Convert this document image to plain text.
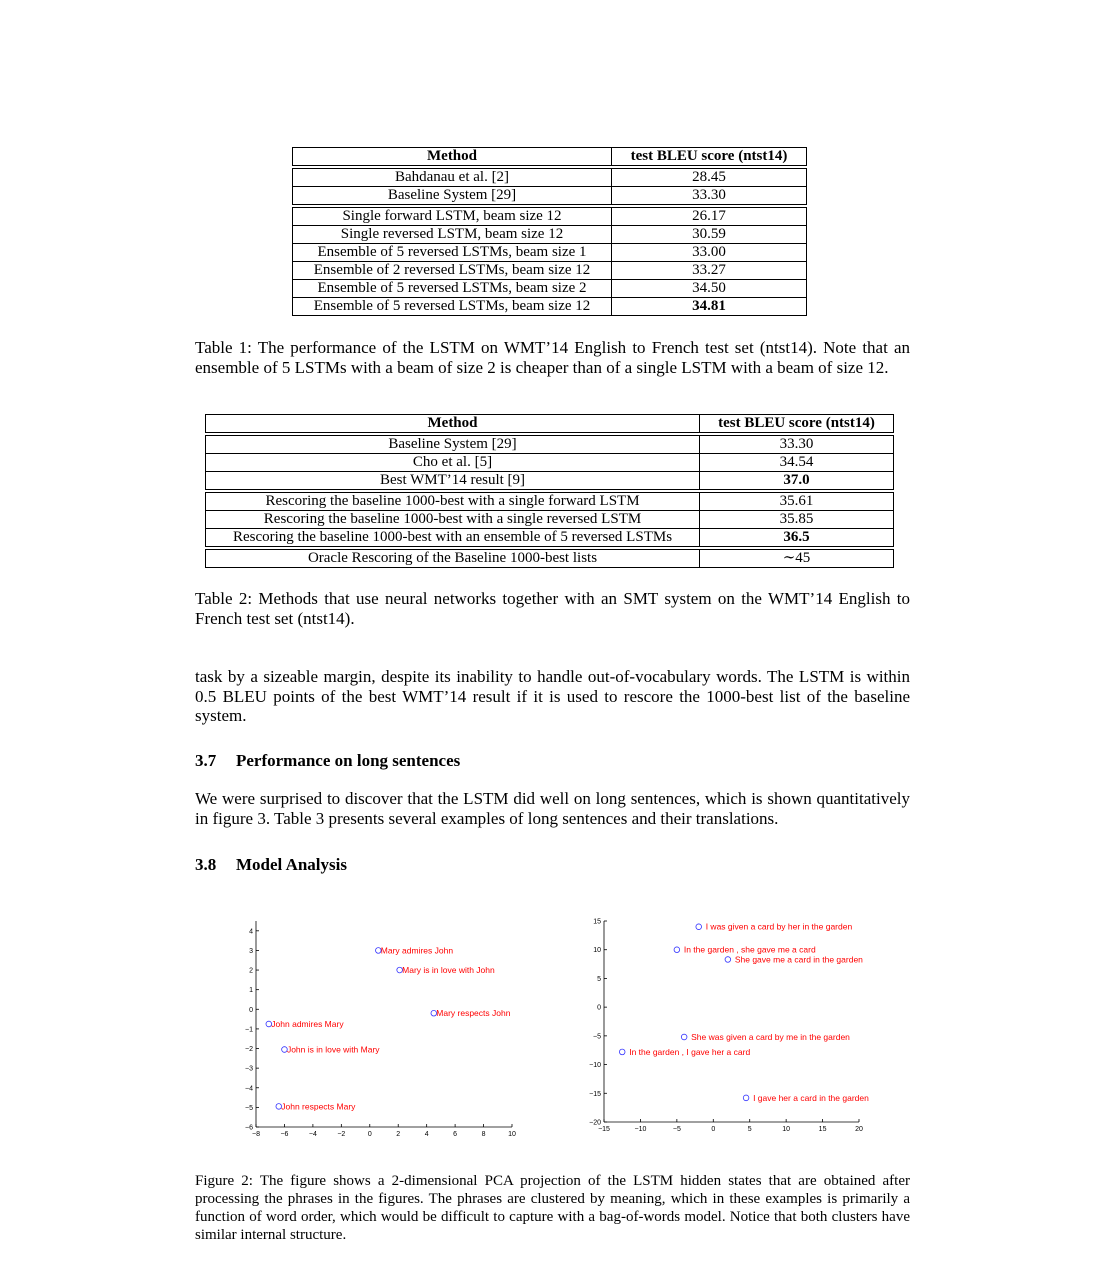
Method	test BLEU score (ntst14)

Bahdanau et al. [2]	28.45
Baseline System [29]	33.30

Single forward LSTM, beam size 12	26.17
Single reversed LSTM, beam size 12	30.59
Ensemble of 5 reversed LSTMs, beam size 1	33.00
Ensemble of 2 reversed LSTMs, beam size 12	33.27
Ensemble of 5 reversed LSTMs, beam size 2	34.50
Ensemble of 5 reversed LSTMs, beam size 12	34.81
Table 1: The performance of the LSTM on WMT’14 English to French test set (ntst14). Note that an ensemble of 5 LSTMs with a beam of size 2 is cheaper than of a single LSTM with a beam of size 12.
Method	test BLEU score (ntst14)

Baseline System [29]	33.30
Cho et al. [5]	34.54
Best WMT’14 result [9]	37.0

Rescoring the baseline 1000-best with a single forward LSTM	35.61
Rescoring the baseline 1000-best with a single reversed LSTM	35.85
Rescoring the baseline 1000-best with an ensemble of 5 reversed LSTMs	36.5

Oracle Rescoring of the Baseline 1000-best lists	∼45
Table 2: Methods that use neural networks together with an SMT system on the WMT’14 English to French test set (ntst14).
task by a sizeable margin, despite its inability to handle out-of-vocabulary words. The LSTM is within 0.5 BLEU points of the best WMT’14 result if it is used to rescore the 1000-best list of the baseline system.
3.7 Performance on long sentences
We were surprised to discover that the LSTM did well on long sentences, which is shown quantitatively in figure 3. Table 3 presents several examples of long sentences and their translations.
3.8 Model Analysis
−8	−6	−4	−2	0	2	4	6	8	10
−6
−5
−4
−3
−2
−1
0
1
2
3
4
Mary admires John
Mary is in love with John
Mary respects John
John admires Mary
John is in love with Mary
John respects Mary
−15	−10	−5	0	5	10	15	20
−20
−15
−10
−5
0
5
10
15	I was given a card by her in the garden
In the garden , she gave me a card
She gave me a card in the garden
She was given a card by me in the garden
In the garden , I gave her a card
I gave her a card in the garden
Figure 2: The figure shows a 2-dimensional PCA projection of the LSTM hidden states that are obtained after processing the phrases in the figures. The phrases are clustered by meaning, which in these examples is primarily a function of word order, which would be difficult to capture with a bag-of-words model. Notice that both clusters have similar internal structure.
